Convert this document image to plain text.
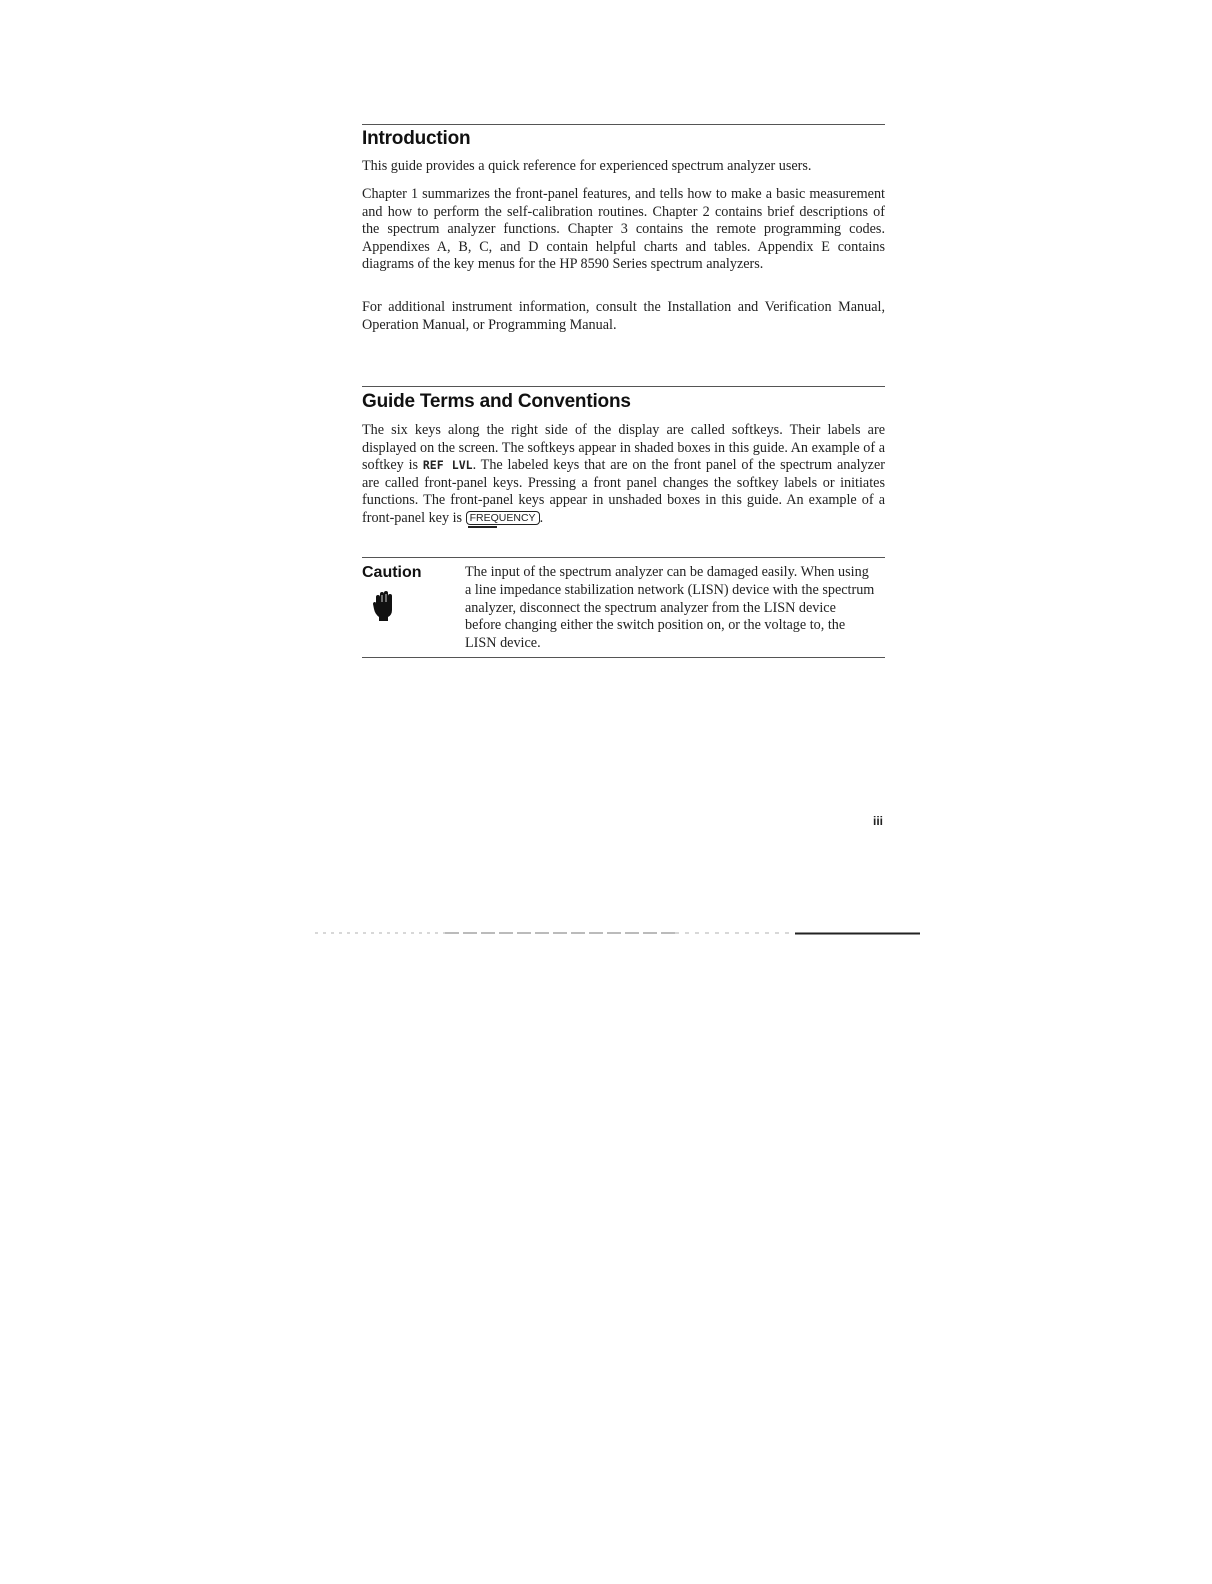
Introduction

This guide provides a quick reference for experienced spectrum analyzer users.

Chapter 1 summarizes the front-panel features, and tells how to make a basic measurement and how to perform the self-calibration routines. Chapter 2 contains brief descriptions of the spectrum analyzer functions. Chapter 3 contains the remote programming codes. Appendixes A, B, C, and D contain helpful charts and tables. Appendix E contains diagrams of the key menus for the HP 8590 Series spectrum analyzers.

For additional instrument information, consult the Installation and Verification Manual, Operation Manual, or Programming Manual.

Guide Terms and Conventions

The six keys along the right side of the display are called softkeys. Their labels are displayed on the screen. The softkeys appear in shaded boxes in this guide. An example of a softkey is REF LVL. The labeled keys that are on the front panel of the spectrum analyzer are called front-panel keys. Pressing a front panel changes the softkey labels or initiates functions. The front-panel keys appear in unshaded boxes in this guide. An example of a front-panel key is FREQUENCY .

Caution	The input of the spectrum analyzer can be damaged easily. When using a line impedance stabilization network (LISN) device with the spectrum analyzer, disconnect the spectrum analyzer from the LISN device before changing either the switch position on, or the voltage to, the LISN device.

iii
